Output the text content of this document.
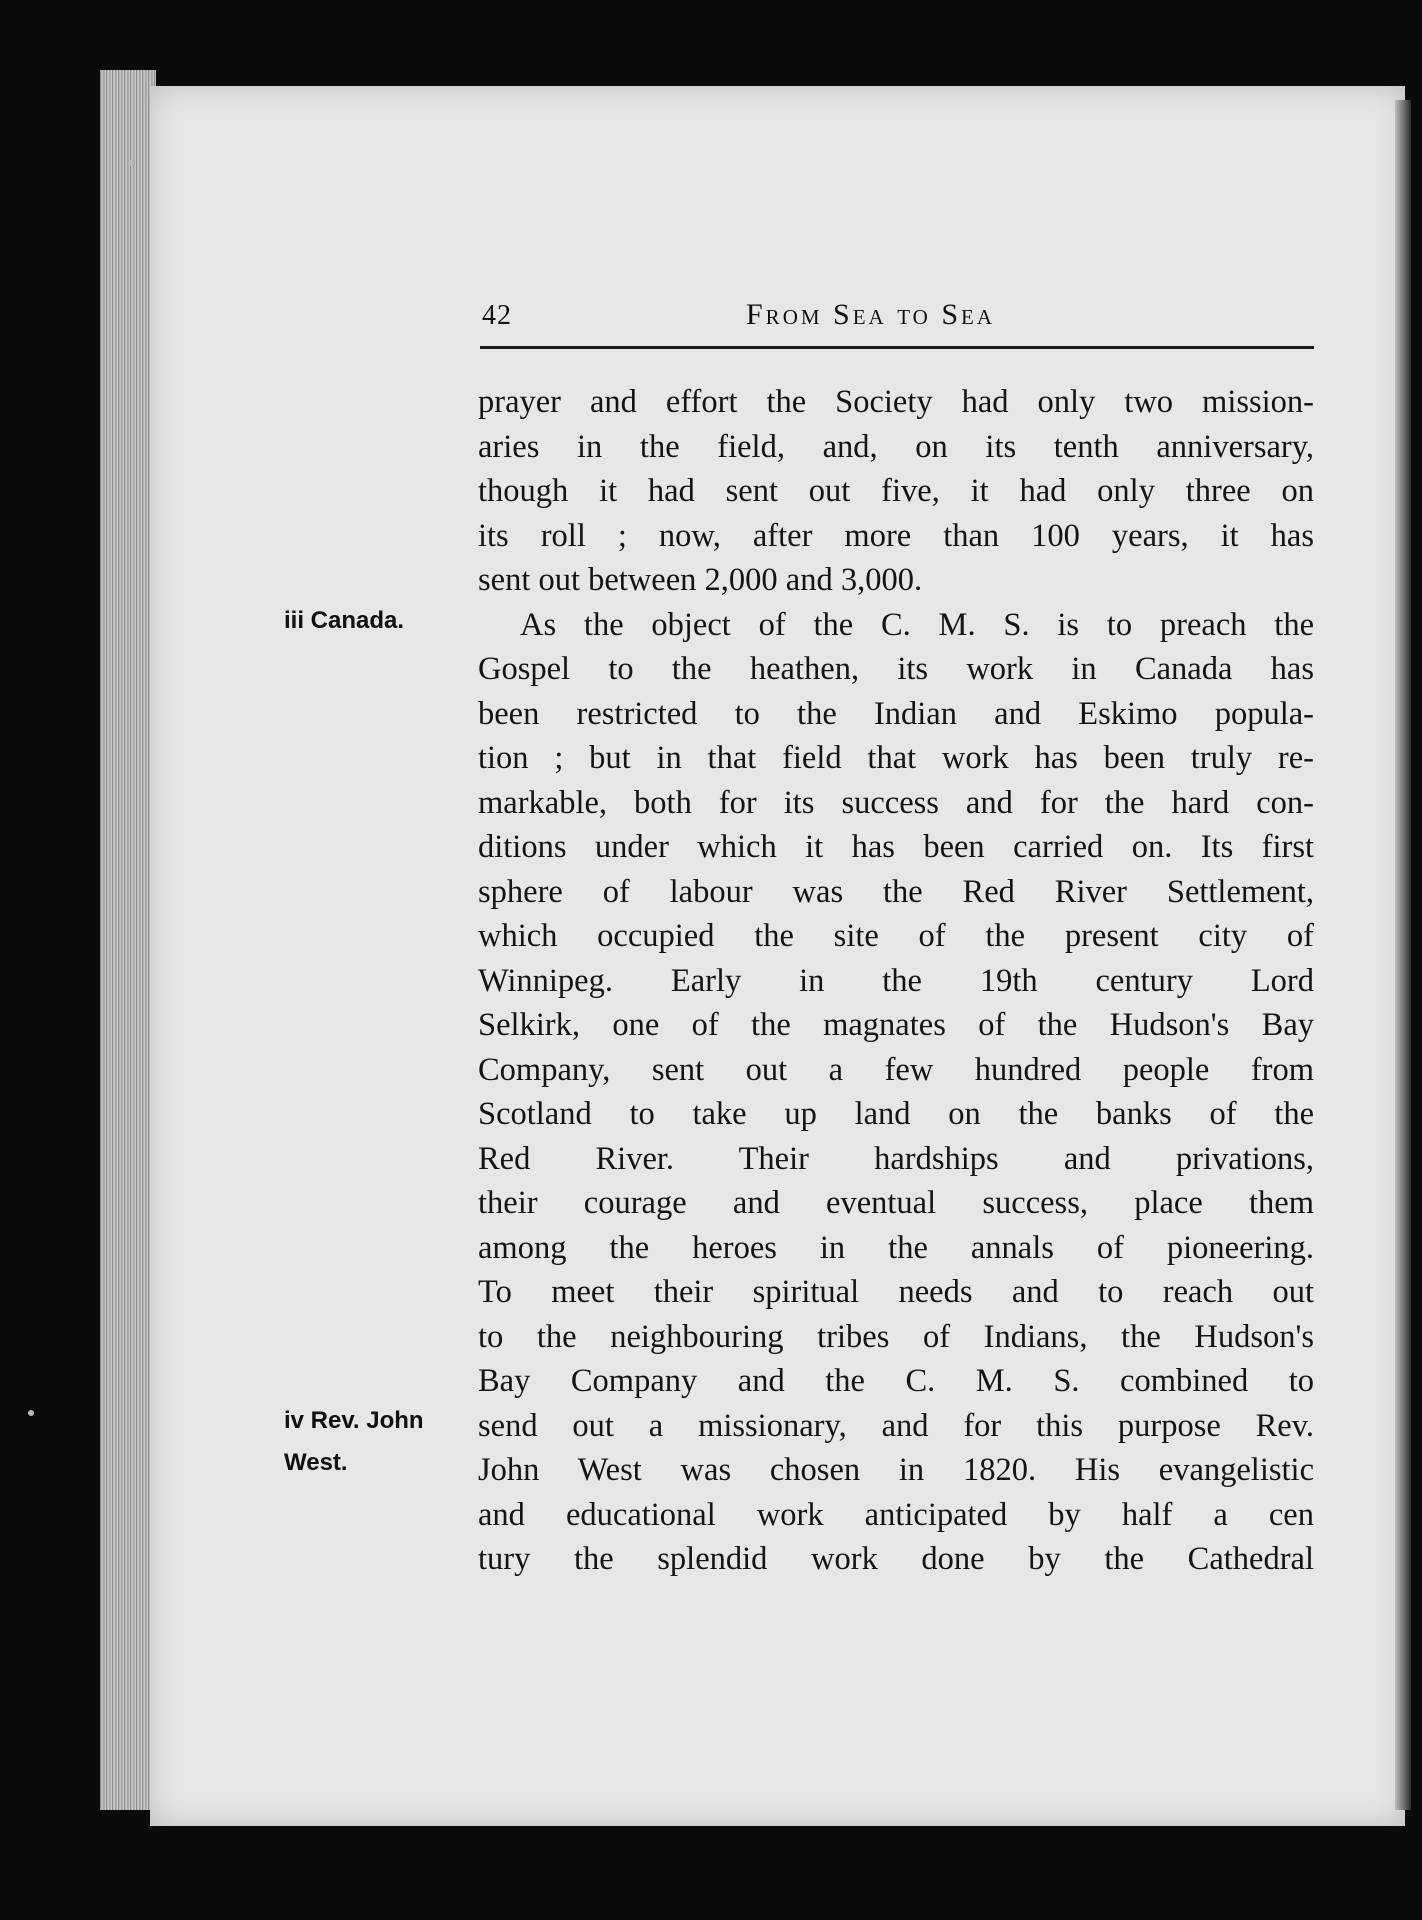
42	From Sea to Sea
iii Canada.
iv Rev. John
West.
prayer and effort the Society had only two mission-
aries in the field, and, on its tenth anniversary,
though it had sent out five, it had only three on
its roll ; now, after more than 100 years, it has
sent out between 2,000 and 3,000.
As the object of the C. M. S. is to preach the
Gospel to the heathen, its work in Canada has
been restricted to the Indian and Eskimo popula-
tion ; but in that field that work has been truly re-
markable, both for its success and for the hard con-
ditions under which it has been carried on. Its first
sphere of labour was the Red River Settlement,
which occupied the site of the present city of
Winnipeg. Early in the 19th century Lord
Selkirk, one of the magnates of the Hudson's Bay
Company, sent out a few hundred people from
Scotland to take up land on the banks of the
Red River. Their hardships and privations,
their courage and eventual success, place them
among the heroes in the annals of pioneering.
To meet their spiritual needs and to reach out
to the neighbouring tribes of Indians, the Hudson's
Bay Company and the C. M. S. combined to
send out a missionary, and for this purpose Rev.
John West was chosen in 1820. His evangelistic
and educational work anticipated by half a cen
tury the splendid work done by the Cathedral
